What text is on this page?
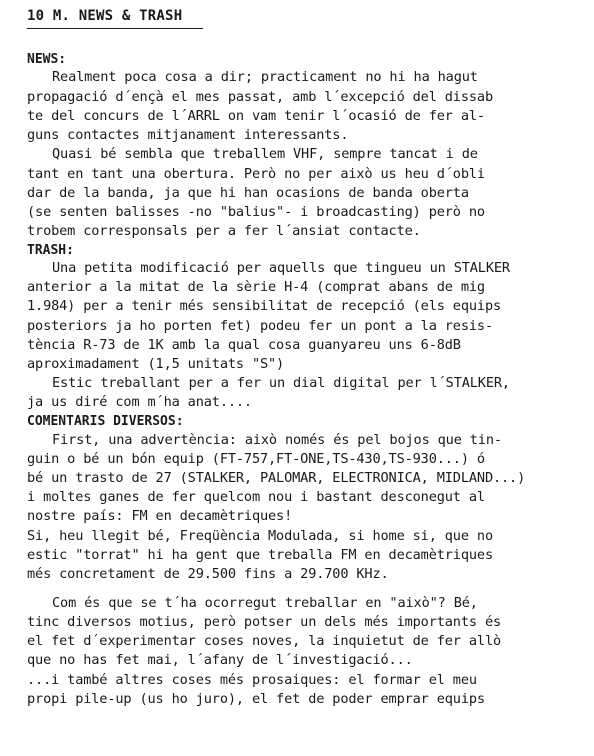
10 M. NEWS & TRASH
NEWS:
Realment poca cosa a dir; practicament no hi ha hagut
propagació d´ençà el mes passat, amb l´excepció del dissab
te del concurs de l´ARRL on vam tenir l´ocasió de fer al-
guns contactes mitjanament interessants.
Quasi bé sembla que treballem VHF, sempre tancat i de
tant en tant una obertura. Però no per això us heu d´obli
dar de la banda, ja que hi han ocasions de banda oberta
(se senten balisses -no "balius"- i broadcasting) però no
trobem corresponsals per a fer l´ansiat contacte.
TRASH:
Una petita modificació per aquells que tingueu un STALKER
anterior a la mitat de la sèrie H-4 (comprat abans de mig
1.984) per a tenir més sensibilitat de recepció (els equips
posteriors ja ho porten fet) podeu fer un pont a la resis-
tència R-73 de 1K amb la qual cosa guanyareu uns 6-8dB
aproximadament (1,5 unitats "S")
Estic treballant per a fer un dial digital per l´STALKER,
ja us diré com m´ha anat....
COMENTARIS DIVERSOS:
First, una advertència: això només és pel bojos que tin-
guin o bé un bón equip (FT-757,FT-ONE,TS-430,TS-930...) ó
bé un trasto de 27 (STALKER, PALOMAR, ELECTRONICA, MIDLAND...)
i moltes ganes de fer quelcom nou i bastant desconegut al
nostre país: FM en decamètriques!
Si, heu llegit bé, Freqüència Modulada, si home si, que no
estic "torrat" hi ha gent que treballa FM en decamètriques
més concretament de 29.500 fins a 29.700 KHz.
Com és que se t´ha ocorregut treballar en "això"? Bé,
tinc diversos motius, però potser un dels més importants és
el fet d´experimentar coses noves, la inquietut de fer allò
que no has fet mai, l´afany de l´investigació...
...i també altres coses més prosaiques: el formar el meu
propi pile-up (us ho juro), el fet de poder emprar equips
